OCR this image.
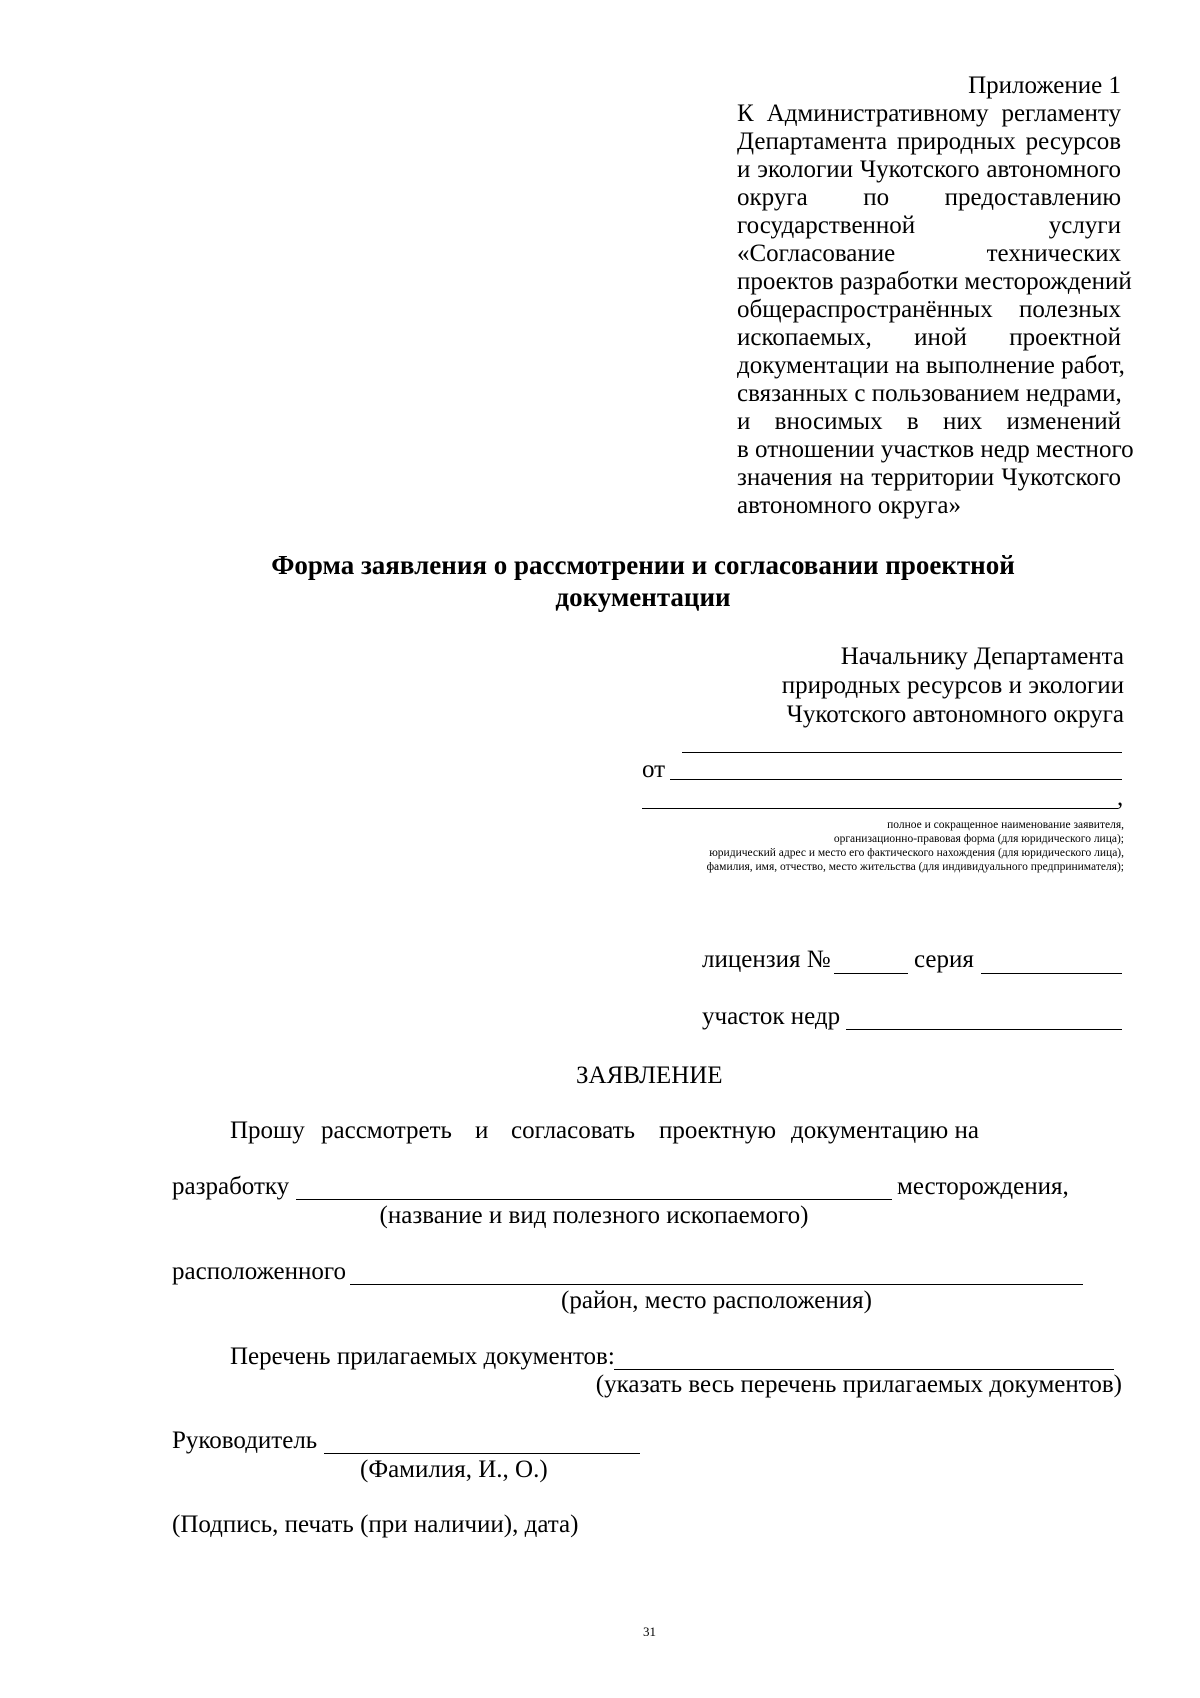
Приложение 1
К Административному регламенту
Департамента природных ресурсов
и экологии Чукотского автономного
округа по предоставлению
государственной услуги
«Согласование технических
проектов разработки месторождений
общераспространённых полезных
ископаемых, иной проектной
документации на выполнение работ,
связанных с пользованием недрами,
и вносимых в них изменений
в отношении участков недр местного
значения на территории Чукотского
автономного округа»
Форма заявления о рассмотрении и согласовании проектной
документации
Начальнику Департамента
природных ресурсов и экологии
Чукотского автономного округа
от
,
полное и сокращенное наименование заявителя,
организационно-правовая форма (для юридического лица);
юридический адрес и место его фактического нахождения (для юридического лица),
фамилия, имя, отчество, место жительства (для индивидуального предпринимателя);
лицензия №	серия
участок недр
ЗАЯВЛЕНИЕ
Прошу рассмотреть и согласовать проектную документацию на
разработку	месторождения,
(название и вид полезного ископаемого)
расположенного
(район, место расположения)
Перечень прилагаемых документов:
(указать весь перечень прилагаемых документов)
Руководитель
(Фамилия, И., О.)
(Подпись, печать (при наличии), дата)
31
